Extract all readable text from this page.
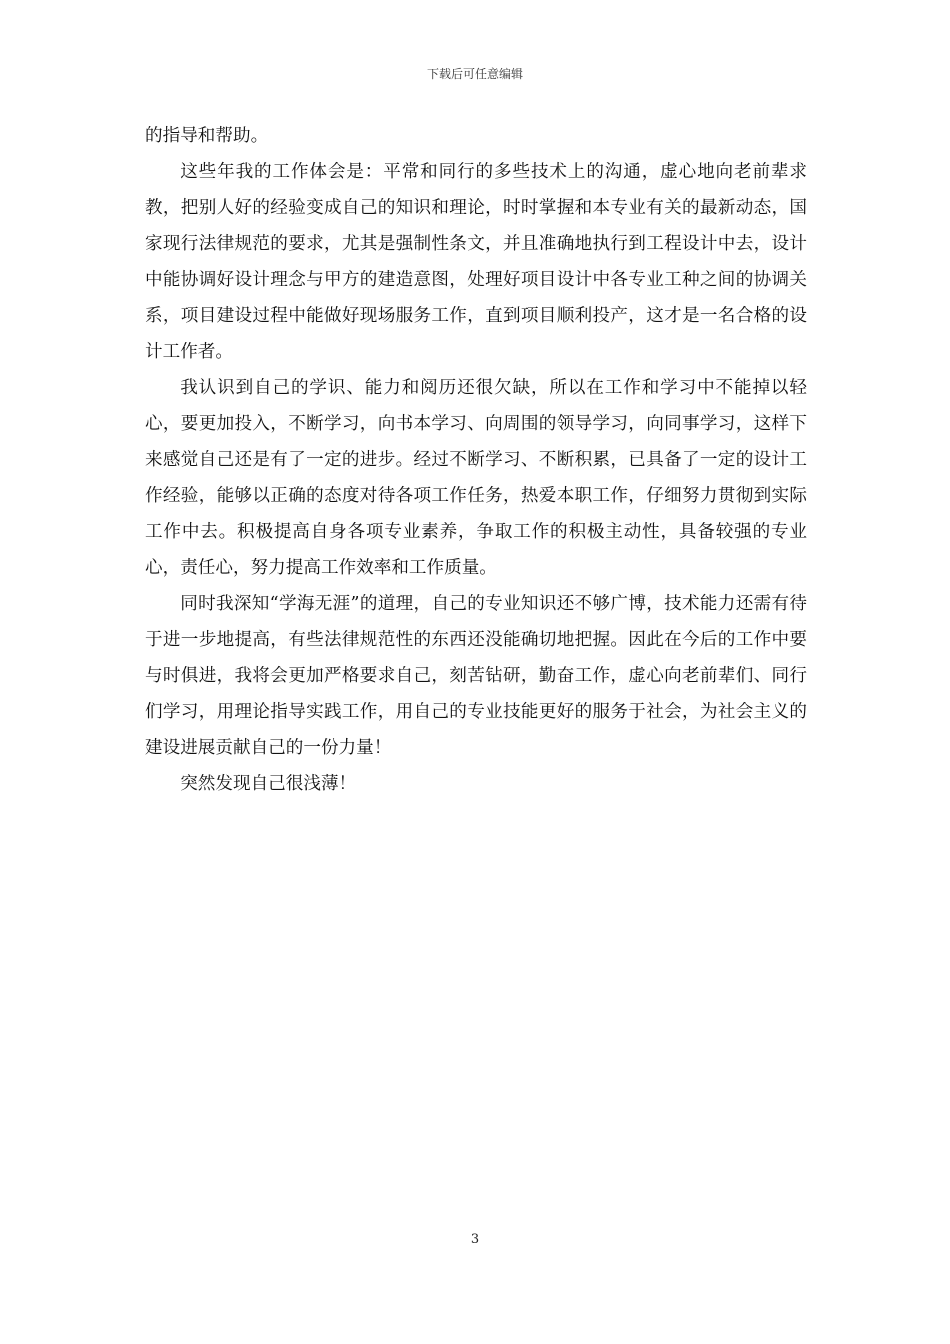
下载后可任意编辑

的指导和帮助。

这些年我的工作体会是：平常和同行的多些技术上的沟通，虚心地向老前辈求教，把别人好的经验变成自己的知识和理论，时时掌握和本专业有关的最新动态，国家现行法律规范的要求，尤其是强制性条文，并且准确地执行到工程设计中去，设计中能协调好设计理念与甲方的建造意图，处理好项目设计中各专业工种之间的协调关系，项目建设过程中能做好现场服务工作，直到项目顺利投产，这才是一名合格的设计工作者。

我认识到自己的学识、能力和阅历还很欠缺，所以在工作和学习中不能掉以轻心，要更加投入，不断学习，向书本学习、向周围的领导学习，向同事学习，这样下来感觉自己还是有了一定的进步。经过不断学习、不断积累，已具备了一定的设计工作经验，能够以正确的态度对待各项工作任务，热爱本职工作，仔细努力贯彻到实际工作中去。积极提高自身各项专业素养，争取工作的积极主动性，具备较强的专业心，责任心，努力提高工作效率和工作质量。

同时我深知“学海无涯”的道理，自己的专业知识还不够广博，技术能力还需有待于进一步地提高，有些法律规范性的东西还没能确切地把握。因此在今后的工作中要与时俱进，我将会更加严格要求自己，刻苦钻研，勤奋工作，虚心向老前辈们、同行们学习，用理论指导实践工作，用自己的专业技能更好的服务于社会，为社会主义的建设进展贡献自己的一份力量！

突然发现自己很浅薄！

3
